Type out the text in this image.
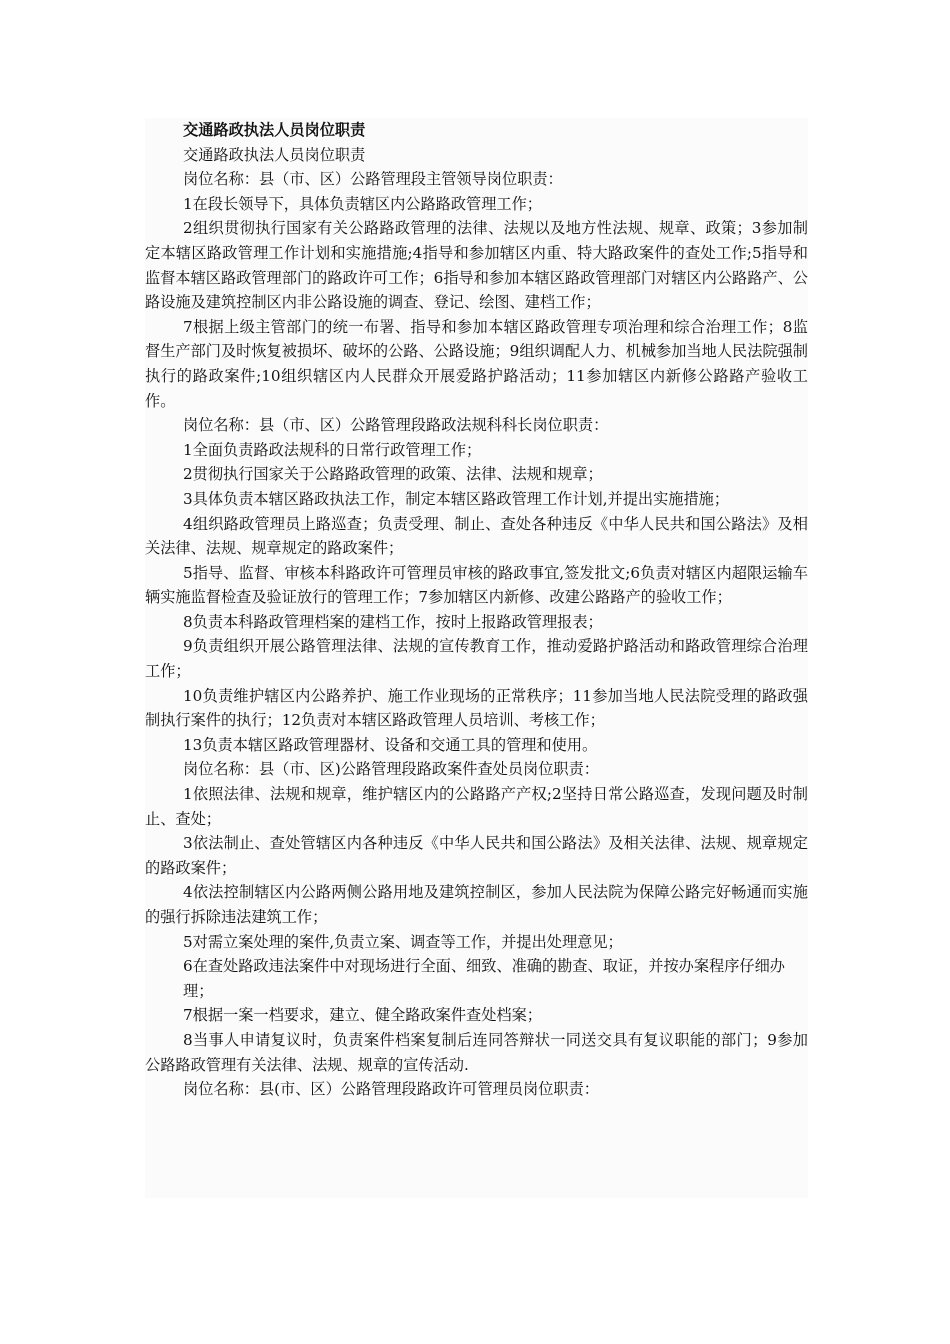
交通路政执法人员岗位职责

交通路政执法人员岗位职责

岗位名称：县（市、区）公路管理段主管领导岗位职责：

1在段长领导下，具体负责辖区内公路路政管理工作；

2组织贯彻执行国家有关公路路政管理的法律、法规以及地方性法规、规章、政策；3参加制定本辖区路政管理工作计划和实施措施;4指导和参加辖区内重、特大路政案件的查处工作;5指导和监督本辖区路政管理部门的路政许可工作；6指导和参加本辖区路政管理部门对辖区内公路路产、公路设施及建筑控制区内非公路设施的调查、登记、绘图、建档工作；

7根据上级主管部门的统一布署、指导和参加本辖区路政管理专项治理和综合治理工作；8监督生产部门及时恢复被损坏、破坏的公路、公路设施；9组织调配人力、机械参加当地人民法院强制执行的路政案件;10组织辖区内人民群众开展爱路护路活动；11参加辖区内新修公路路产验收工作。

岗位名称：县（市、区）公路管理段路政法规科科长岗位职责：

1全面负责路政法规科的日常行政管理工作；

2贯彻执行国家关于公路路政管理的政策、法律、法规和规章；

3具体负责本辖区路政执法工作，制定本辖区路政管理工作计划,并提出实施措施；

4组织路政管理员上路巡查；负责受理、制止、查处各种违反《中华人民共和国公路法》及相关法律、法规、规章规定的路政案件；

5指导、监督、审核本科路政许可管理员审核的路政事宜,签发批文;6负责对辖区内超限运输车辆实施监督检查及验证放行的管理工作；7参加辖区内新修、改建公路路产的验收工作；

8负责本科路政管理档案的建档工作，按时上报路政管理报表；

9负责组织开展公路管理法律、法规的宣传教育工作，推动爱路护路活动和路政管理综合治理工作；

10负责维护辖区内公路养护、施工作业现场的正常秩序；11参加当地人民法院受理的路政强制执行案件的执行；12负责对本辖区路政管理人员培训、考核工作；

13负责本辖区路政管理器材、设备和交通工具的管理和使用。

岗位名称：县（市、区)公路管理段路政案件查处员岗位职责：

1依照法律、法规和规章，维护辖区内的公路路产产权;2坚持日常公路巡查，发现问题及时制止、查处；

3依法制止、查处管辖区内各种违反《中华人民共和国公路法》及相关法律、法规、规章规定的路政案件；

4依法控制辖区内公路两侧公路用地及建筑控制区，参加人民法院为保障公路完好畅通而实施的强行拆除违法建筑工作；

5对需立案处理的案件,负责立案、调查等工作，并提出处理意见；

6在查处路政违法案件中对现场进行全面、细致、准确的勘查、取证，并按办案程序仔细办

理；

7根据一案一档要求，建立、健全路政案件查处档案；

8当事人申请复议时，负责案件档案复制后连同答辩状一同送交具有复议职能的部门；9参加公路路政管理有关法律、法规、规章的宣传活动.

岗位名称：县(市、区）公路管理段路政许可管理员岗位职责：
